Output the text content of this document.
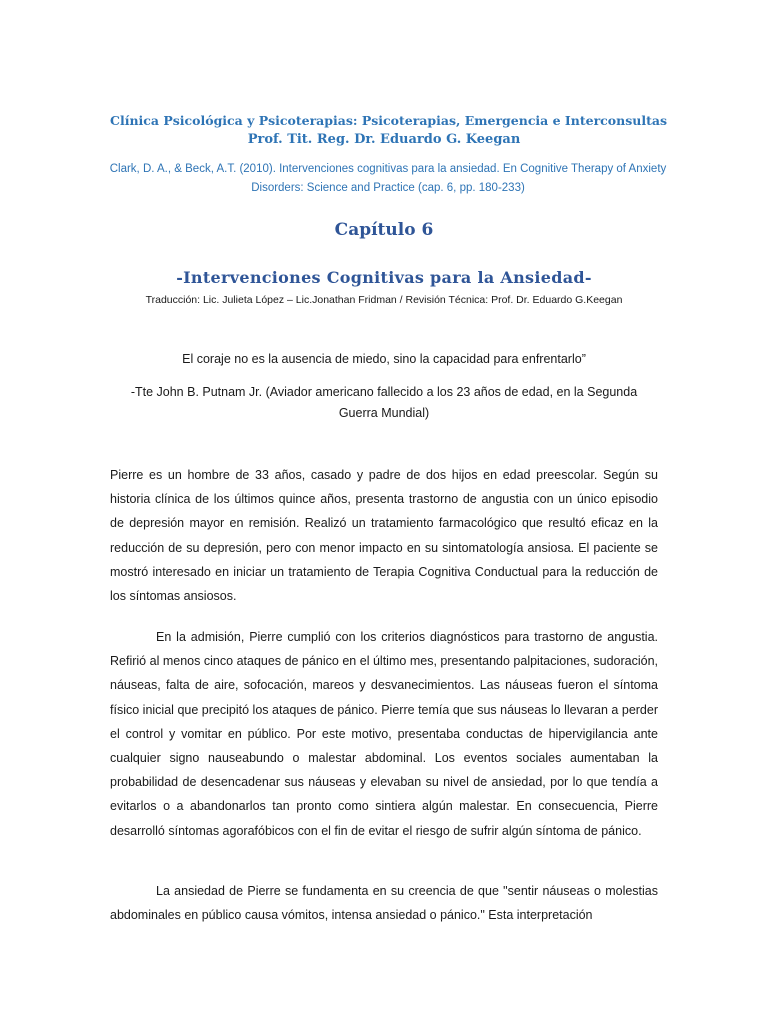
Clínica Psicológica y Psicoterapias: Psicoterapias, Emergencia e Interconsultas
Prof. Tit. Reg. Dr. Eduardo G. Keegan
Clark, D. A., & Beck, A.T. (2010). Intervenciones cognitivas para la ansiedad. En Cognitive Therapy of Anxiety Disorders: Science and Practice (cap. 6, pp. 180-233)
Capítulo 6
-Intervenciones Cognitivas para la Ansiedad-
Traducción: Lic. Julieta López – Lic.Jonathan Fridman / Revisión Técnica: Prof. Dr. Eduardo G.Keegan
El coraje no es la ausencia de miedo, sino la capacidad para enfrentarlo”
-Tte John B. Putnam Jr. (Aviador americano fallecido a los 23 años de edad, en la Segunda Guerra Mundial)
Pierre es un hombre de 33 años, casado y padre de dos hijos en edad preescolar. Según su historia clínica de los últimos quince años, presenta trastorno de angustia con un único episodio de depresión mayor en remisión. Realizó un tratamiento farmacológico que resultó eficaz en la reducción de su depresión, pero con menor impacto en su sintomatología ansiosa. El paciente se mostró interesado en iniciar un tratamiento de Terapia Cognitiva Conductual para la reducción de los síntomas ansiosos.
En la admisión, Pierre cumplió con los criterios diagnósticos para trastorno de angustia. Refirió al menos cinco ataques de pánico en el último mes, presentando palpitaciones, sudoración, náuseas, falta de aire, sofocación, mareos y desvanecimientos. Las náuseas fueron el síntoma físico inicial que precipitó los ataques de pánico. Pierre temía que sus náuseas lo llevaran a perder el control y vomitar en público. Por este motivo, presentaba conductas de hipervigilancia ante cualquier signo nauseabundo o malestar abdominal. Los eventos sociales aumentaban la probabilidad de desencadenar sus náuseas y elevaban su nivel de ansiedad, por lo que tendía a evitarlos o a abandonarlos tan pronto como sintiera algún malestar. En consecuencia, Pierre desarrolló síntomas agorafóbicos con el fin de evitar el riesgo de sufrir algún síntoma de pánico.
La ansiedad de Pierre se fundamenta en su creencia de que "sentir náuseas o molestias abdominales en público causa vómitos, intensa ansiedad o pánico." Esta interpretación
